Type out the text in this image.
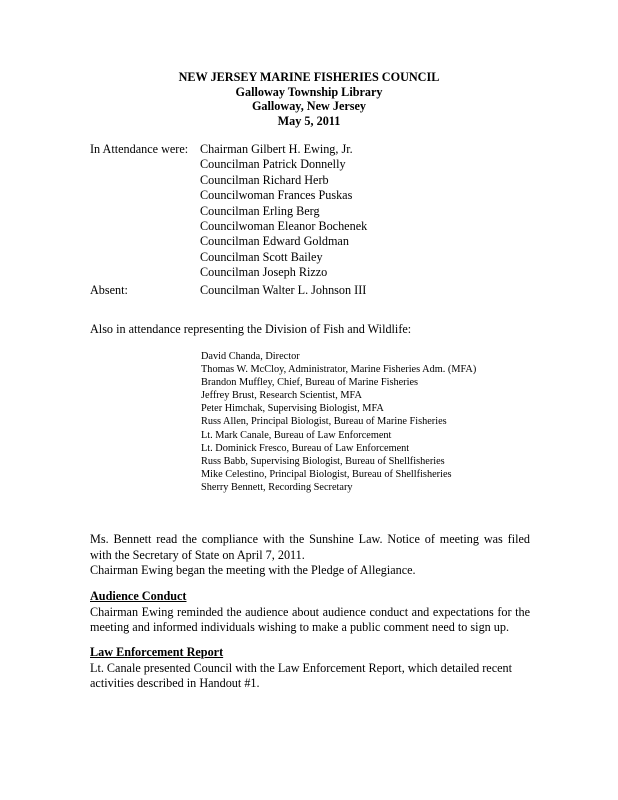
NEW JERSEY MARINE FISHERIES COUNCIL
Galloway Township Library
Galloway, New Jersey
May 5, 2011
In Attendance were: Chairman Gilbert H. Ewing, Jr.
Councilman Patrick Donnelly
Councilman Richard Herb
Councilwoman Frances Puskas
Councilman Erling Berg
Councilwoman Eleanor Bochenek
Councilman Edward Goldman
Councilman Scott Bailey
Councilman Joseph Rizzo
Absent:	Councilman Walter L. Johnson III
Also in attendance representing the Division of Fish and Wildlife:
David Chanda, Director
Thomas W. McCloy, Administrator, Marine Fisheries Adm. (MFA)
Brandon Muffley, Chief, Bureau of Marine Fisheries
Jeffrey Brust, Research Scientist, MFA
Peter Himchak, Supervising Biologist, MFA
Russ Allen, Principal Biologist, Bureau of Marine Fisheries
Lt. Mark Canale, Bureau of Law Enforcement
Lt. Dominick Fresco, Bureau of Law Enforcement
Russ Babb, Supervising Biologist, Bureau of Shellfisheries
Mike Celestino, Principal Biologist, Bureau of Shellfisheries
Sherry Bennett, Recording Secretary
Ms. Bennett read the compliance with the Sunshine Law. Notice of meeting was filed
with the Secretary of State on April 7, 2011.
Chairman Ewing began the meeting with the Pledge of Allegiance.
Audience Conduct
Chairman Ewing reminded the audience about audience conduct and expectations for the
meeting and informed individuals wishing to make a public comment need to sign up.
Law Enforcement Report
Lt. Canale presented Council with the Law Enforcement Report, which detailed recent
activities described in Handout #1.
